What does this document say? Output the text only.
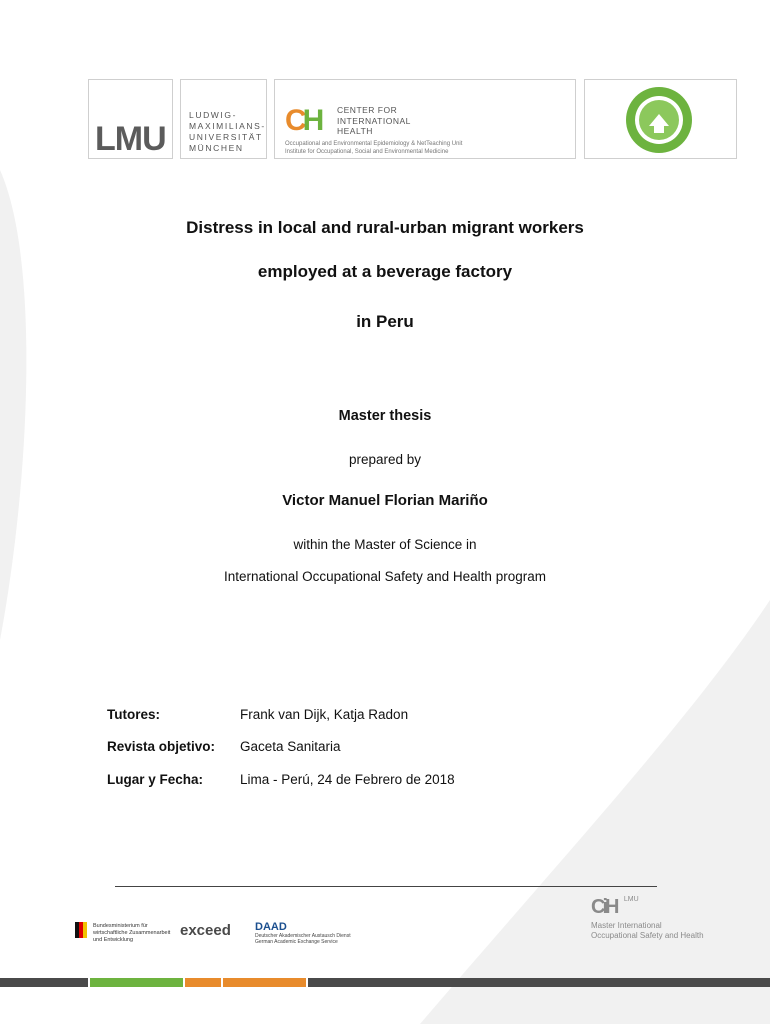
LMU
LUDWIG-
MAXIMILIANS-
UNIVERSITÄT
MÜNCHEN
CH CENTER FOR
INTERNATIONAL
HEALTH
Occupational and Environmental Epidemiology & NetTeaching Unit
Institute for Occupational, Social and Environmental Medicine
Distress in local and rural-urban migrant workers
employed at a beverage factory
in Peru
Master thesis
prepared by
Victor Manuel Florian Mariño
within the Master of Science in
International Occupational Safety and Health program
Tutores:	Frank van Dijk, Katja Radon
Revista objetivo: Gaceta Sanitaria
Lugar y Fecha:	Lima - Perú, 24 de Febrero de 2018
Bundesministerium für
wirtschaftliche Zusammenarbeit
und Entwicklung
exceed DAAD
Deutscher Akademischer Austausch Dienst
German Academic Exchange Service
CiH $^{LMU}$
Master International
Occupational Safety and Health
